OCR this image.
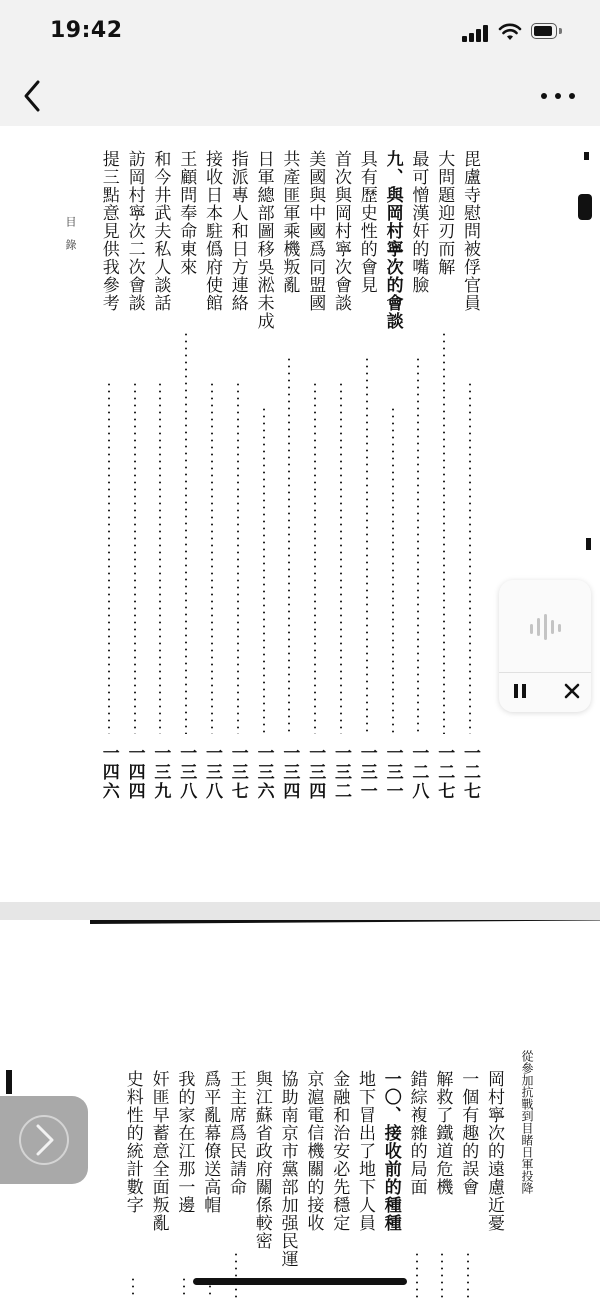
19:42
毘盧寺慰問被俘官員
一二七
大問題迎刃而解
一二七
最可憎漢奸的嘴臉
一二八
九、與岡村寧次的會談
一三一
具有歷史性的會見
一三一
首次與岡村寧次會談
一三二
美國與中國爲同盟國
一三四
共產匪軍乘機叛亂
一三四
日軍總部圖移吳淞未成
一三六
指派專人和日方連絡
一三七
接收日本駐僞府使館
一三八
王顧問奉命東來
一三八
和今井武夫私人談話
一三九
訪岡村寧次二次會談
一四四
提三點意見供我參考
一四六
目錄
從參加抗戰到目睹日軍投降
岡村寧次的遠慮近憂
一個有趣的誤會
解救了鐵道危機
錯綜複雜的局面
一〇、接收前的種種
地下冒出了地下人員
金融和治安必先穩定
京滬電信機關的接收
協助南京市黨部加强民運
與江蘇省政府關係較密
王主席爲民請命
爲平亂幕僚送高帽
我的家在江那一邊
奸匪早蓄意全面叛亂
史料性的統計數字
